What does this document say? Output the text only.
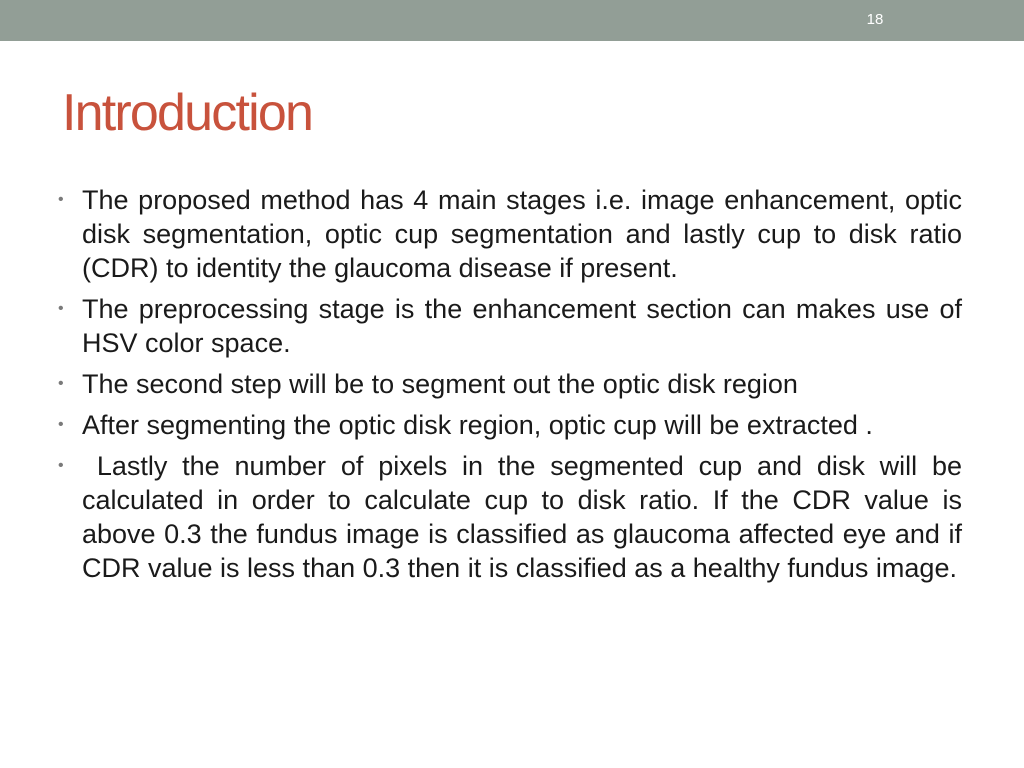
18
Introduction
• The proposed method has 4 main stages i.e. image enhancement, optic disk segmentation, optic cup segmentation and lastly cup to disk ratio (CDR) to identity the glaucoma disease if present.
• The preprocessing stage is the enhancement section can makes use of HSV color space.
• The second step will be to segment out the optic disk region
• After segmenting the optic disk region, optic cup will be extracted .
• Lastly the number of pixels in the segmented cup and disk will be calculated in order to calculate cup to disk ratio. If the CDR value is above 0.3 the fundus image is classified as glaucoma affected eye and if CDR value is less than 0.3 then it is classified as a healthy fundus image.
